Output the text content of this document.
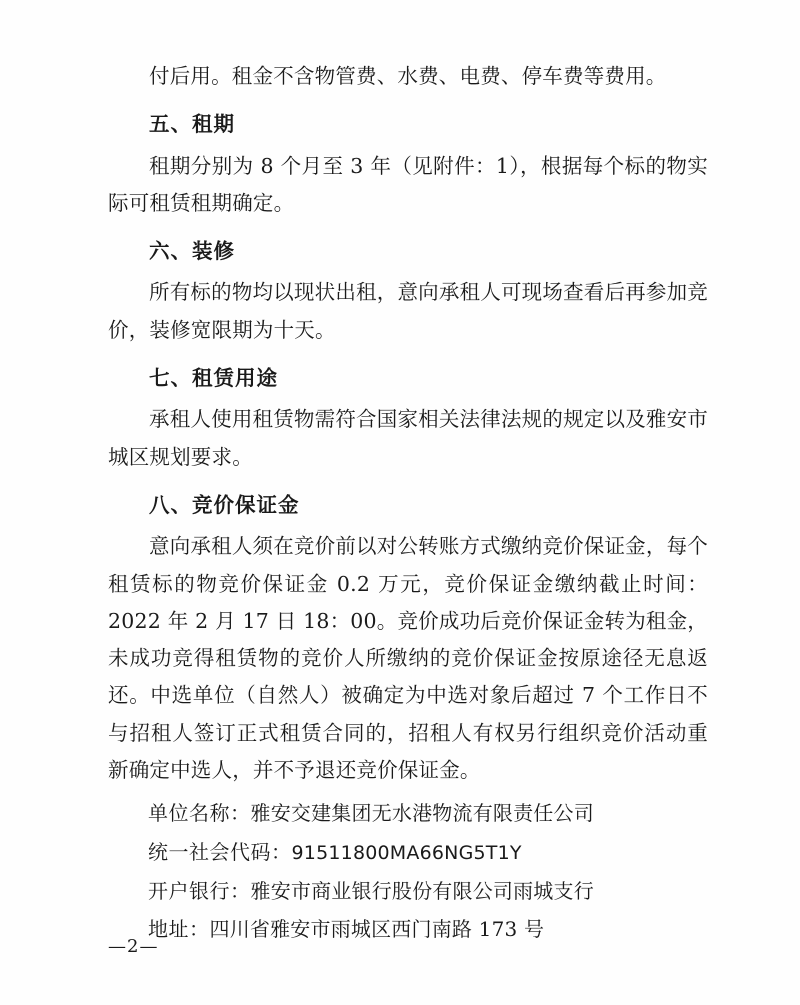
付后用。租金不含物管费、水费、电费、停车费等费用。

五、租期

租期分别为 8 个月至 3 年（见附件：1），根据每个标的物实际可租赁租期确定。

六、装修

所有标的物均以现状出租，意向承租人可现场查看后再参加竞价，装修宽限期为十天。

七、租赁用途

承租人使用租赁物需符合国家相关法律法规的规定以及雅安市城区规划要求。

八、竞价保证金

意向承租人须在竞价前以对公转账方式缴纳竞价保证金，每个租赁标的物竞价保证金 0.2 万元，竞价保证金缴纳截止时间：2022 年 2 月 17 日 18：00。竞价成功后竞价保证金转为租金，未成功竞得租赁物的竞价人所缴纳的竞价保证金按原途径无息返还。中选单位（自然人）被确定为中选对象后超过 7 个工作日不与招租人签订正式租赁合同的，招租人有权另行组织竞价活动重新确定中选人，并不予退还竞价保证金。

单位名称：雅安交建集团无水港物流有限责任公司

统一社会代码：91511800MA66NG5T1Y

开户银行：雅安市商业银行股份有限公司雨城支行

地址：四川省雅安市雨城区西门南路 173 号

—2—
